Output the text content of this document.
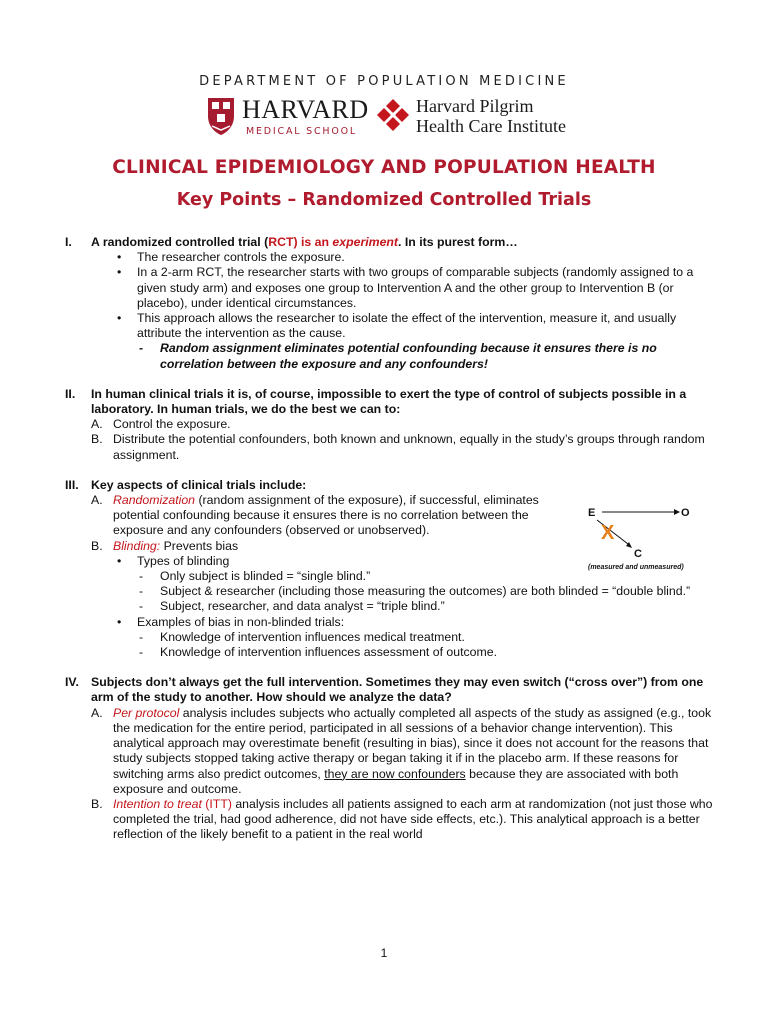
DEPARTMENT OF POPULATION MEDICINE
HARVARD
MEDICAL SCHOOL
Harvard Pilgrim
Health Care Institute
CLINICAL EPIDEMIOLOGY AND POPULATION HEALTH
Key Points – Randomized Controlled Trials
I. A randomized controlled trial (RCT) is an experiment. In its purest form…
• The researcher controls the exposure.
• In a 2-arm RCT, the researcher starts with two groups of comparable subjects (randomly assigned to a given study arm) and exposes one group to Intervention A and the other group to Intervention B (or placebo), under identical circumstances.
• This approach allows the researcher to isolate the effect of the intervention, measure it, and usually attribute the intervention as the cause.
- Random assignment eliminates potential confounding because it ensures there is no correlation between the exposure and any confounders!
II. In human clinical trials it is, of course, impossible to exert the type of control of subjects possible in a laboratory. In human trials, we do the best we can to:
A. Control the exposure.
B. Distribute the potential confounders, both known and unknown, equally in the study’s groups through random assignment.
III. Key aspects of clinical trials include:
A. Randomization (random assignment of the exposure), if successful, eliminates potential confounding because it ensures there is no correlation between the exposure and any confounders (observed or unobserved).
B. Blinding: Prevents bias
• Types of blinding
- Only subject is blinded = “single blind.”
- Subject & researcher (including those measuring the outcomes) are both blinded = “double blind.”
- Subject, researcher, and data analyst = “triple blind.”
• Examples of bias in non-blinded trials:
- Knowledge of intervention influences medical treatment.
- Knowledge of intervention influences assessment of outcome.
IV. Subjects don’t always get the full intervention. Sometimes they may even switch (“cross over”) from one arm of the study to another. How should we analyze the data?
A. Per protocol analysis includes subjects who actually completed all aspects of the study as assigned (e.g., took the medication for the entire period, participated in all sessions of a behavior change intervention). This analytical approach may overestimate benefit (resulting in bias), since it does not account for the reasons that study subjects stopped taking active therapy or began taking it if in the placebo arm. If these reasons for switching arms also predict outcomes, they are now confounders because they are associated with both exposure and outcome.
B. Intention to treat (ITT) analysis includes all patients assigned to each arm at randomization (not just those who completed the trial, had good adherence, did not have side effects, etc.). This analytical approach is a better reflection of the likely benefit to a patient in the real world
E	O
X
C
(measured and unmeasured)
1
